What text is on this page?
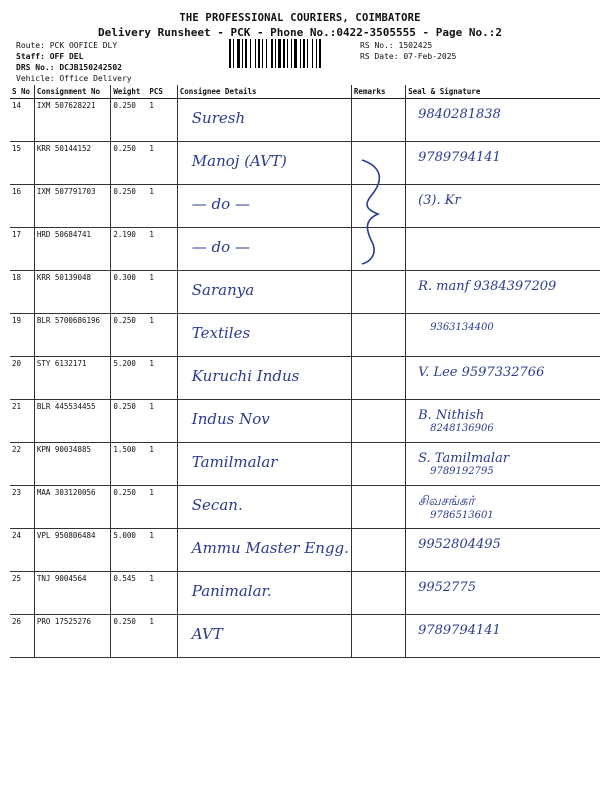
THE PROFESSIONAL COURIERS, COIMBATORE
Delivery Runsheet - PCK - Phone No.:0422-3505555 - Page No.:2
Route: PCK OOFICE DLY
Staff: OFF DEL
DRS No.: DCJB150242502
Vehicle: Office Delivery
RS No.: 1502425
RS Date: 07-Feb-2025
S No	Consignment No	Weight	PCS	Consignee Details	Remarks	Seal & Signature
14	IXM 507628221	0.250	1	Suresh		9840281838

15	KRR 50144152	0.250	1	Manoj (AVT)		9789794141

16	IXM 507791703	0.250	1	— do —		(3). Kr

17	HRD 50684741	2.190	1	— do —		

18	KRR 50139048	0.300	1	Saranya		R. manf 9384397209

19	BLR 5700686196	0.250	1	Textiles		9363134400

20	STY 6132171	5.200	1	Kuruchi Indus		V. Lee 9597332766

21	BLR 445534455	0.250	1	Indus Nov		B. Nithish
8248136906

22	KPN 90034885	1.500	1	Tamilmalar		S. Tamilmalar
9789192795

23	MAA 303120056	0.250	1	Secan.		சிவசங்கர்
9786513601

24	VPL 950806484	5.000	1	Ammu Master Engg.		9952804495

25	TNJ 9004564	0.545	1	Panimalar.		9952775

26	PRO 17525276	0.250	1	AVT		9789794141
